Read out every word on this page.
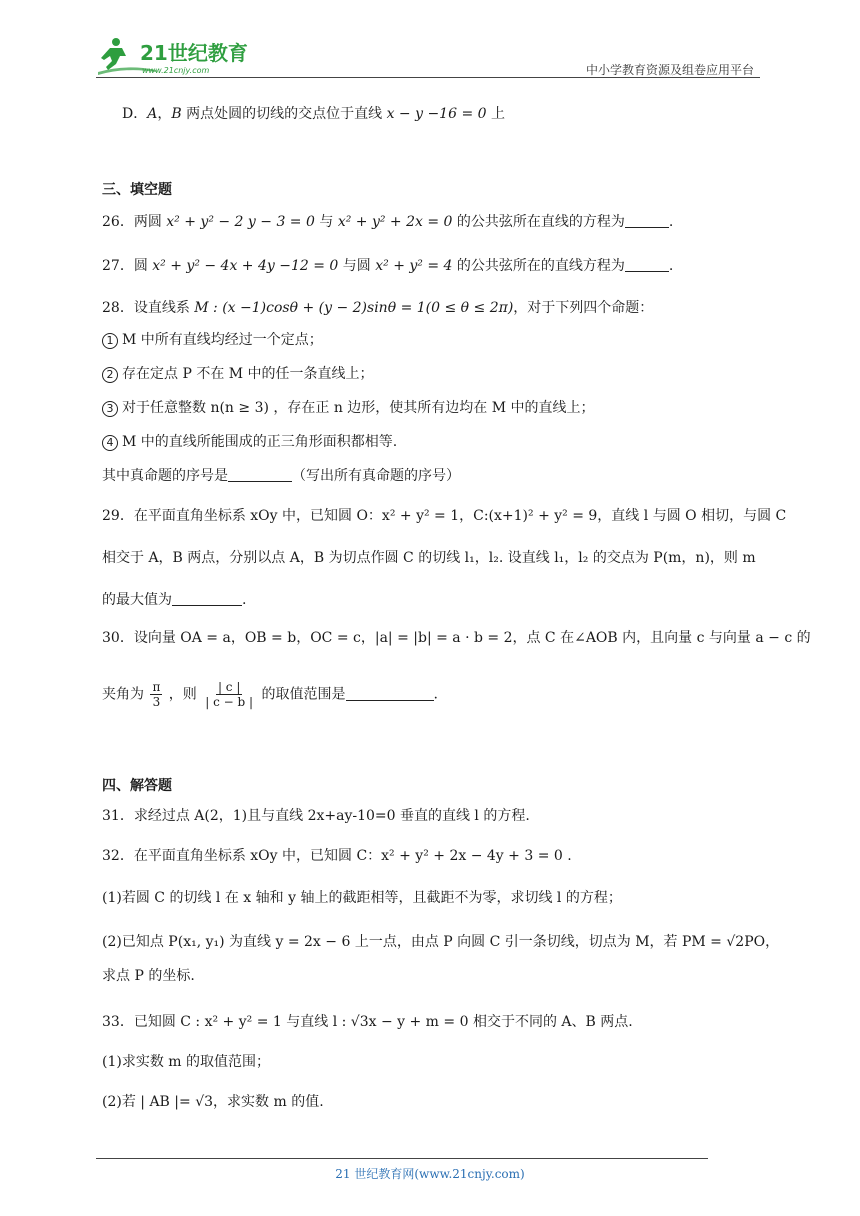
21世纪教育
www.21cnjy.com	中小学教育资源及组卷应用平台
D．A，B 两点处圆的切线的交点位于直线 x − y −16 = 0 上
三、填空题
26．两圆 x² + y² − 2 y − 3 = 0 与 x² + y² + 2x = 0 的公共弦所在直线的方程为	.
27．圆 x² + y² − 4x + 4y −12 = 0 与圆 x² + y² = 4 的公共弦所在的直线方程为	.
28．设直线系 M : (x −1)cosθ + (y − 2)sinθ = 1(0 ≤ θ ≤ 2π)，对于下列四个命题：
1 M 中所有直线均经过一个定点；
2 存在定点 P 不在 M 中的任一条直线上；
3 对于任意整数 n(n ≥ 3) ，存在正 n 边形，使其所有边均在 M 中的直线上；
4 M 中的直线所能围成的正三角形面积都相等.
其中真命题的序号是	（写出所有真命题的序号）
29．在平面直角坐标系 xOy 中，已知圆 O：x² + y² = 1，C:(x+1)² + y² = 9，直线 l 与圆 O 相切，与圆 C
相交于 A，B 两点，分别以点 A，B 为切点作圆 C 的切线 l₁，l₂. 设直线 l₁，l₂ 的交点为 P(m，n)，则 m
的最大值为	.
30．设向量 OA = a，OB = b，OC = c，|a| = |b| = a · b = 2，点 C 在∠AOB 内，且向量 c 与向量 a − c 的
夹角为 $\frac{\pi}{3}$ ，则 $\frac{| c |}{| c - b |}$ 的取值范围是	.
四、解答题
31．求经过点 A(2，1)且与直线 2x+ay-10=0 垂直的直线 l 的方程.
32．在平面直角坐标系 xOy 中，已知圆 C：x² + y² + 2x − 4y + 3 = 0 .
(1)若圆 C 的切线 l 在 x 轴和 y 轴上的截距相等，且截距不为零，求切线 l 的方程；
(2)已知点 P(x₁, y₁) 为直线 y = 2x − 6 上一点，由点 P 向圆 C 引一条切线，切点为 M，若 PM = √2PO，
求点 P 的坐标.
33．已知圆 C : x² + y² = 1 与直线 l : √3x − y + m = 0 相交于不同的 A、B 两点.
(1)求实数 m 的取值范围；
(2)若 | AB |= √3，求实数 m 的值.
21 世纪教育网(www.21cnjy.com)
